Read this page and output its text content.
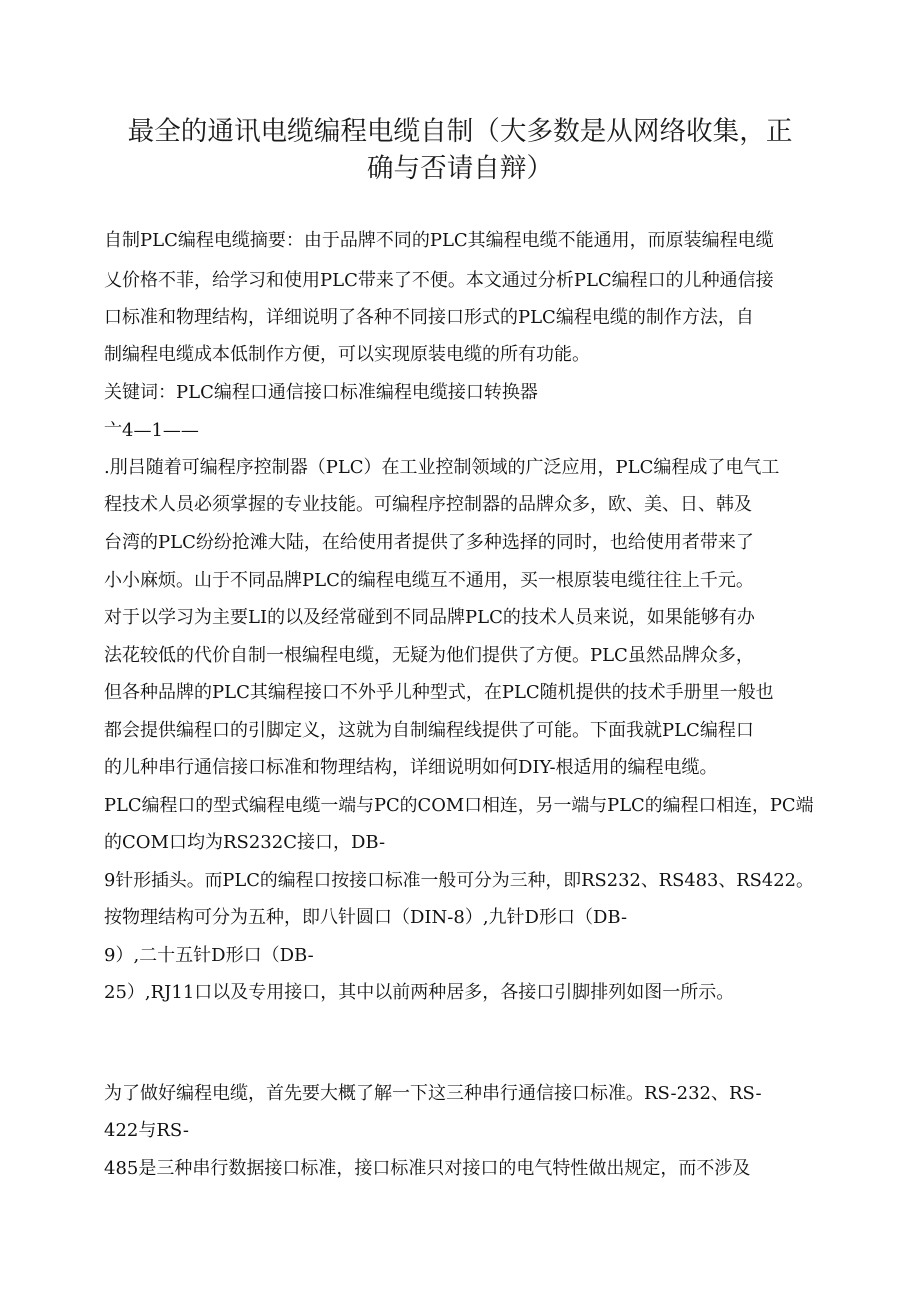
最全的通讯电缆编程电缆自制（大多数是从网络收集，正
确与否请自辩）
自制PLC编程电缆摘要：由于品牌不同的PLC其编程电缆不能通用，而原装编程电缆
乂价格不菲，给学习和使用PLC带来了不便。本文通过分析PLC编程口的儿种通信接
口标准和物理结构，详细说明了各种不同接口形式的PLC编程电缆的制作方法，自
制编程电缆成本低制作方便，可以实现原装电缆的所有功能。
关键词：PLC编程口通信接口标准编程电缆接口转换器
亠4—1——
.刖吕随着可编程序控制器（PLC）在工业控制领域的广泛应用，PLC编程成了电气工
程技术人员必须掌握的专业技能。可编程序控制器的品牌众多，欧、美、日、韩及
台湾的PLC纷纷抢滩大陆，在给使用者提供了多种选择的同时，也给使用者带来了
小小麻烦。山于不同品牌PLC的编程电缆互不通用，买一根原装电缆往往上千元。
对于以学习为主要LI的以及经常碰到不同品牌PLC的技术人员来说，如果能够有办
法花较低的代价自制一根编程电缆，无疑为他们提供了方便。PLC虽然品牌众多，
但各种品牌的PLC其编程接口不外乎儿种型式，在PLC随机提供的技术手册里一般也
都会提供编程口的引脚定义，这就为自制编程线提供了可能。下面我就PLC编程口
的儿种串行通信接口标准和物理结构，详细说明如何DIY-根适用的编程电缆。
PLC编程口的型式编程电缆一端与PC的COM口相连，另一端与PLC的编程口相连，PC端
的COM口均为RS232C接口，DB-
9针形插头。而PLC的编程口按接口标准一般可分为三种，即RS232、RS483、RS422。
按物理结构可分为五种，即八针圆口（DIN-8）,九针D形口（DB-
9）,二十五针D形口（DB-
25）,RJ11口以及专用接口，其中以前两种居多，各接口引脚排列如图一所示。
为了做好编程电缆，首先要大概了解一下这三种串行通信接口标准。RS-232、RS-
422与RS-
485是三种串行数据接口标准，接口标准只对接口的电气特性做出规定，而不涉及
